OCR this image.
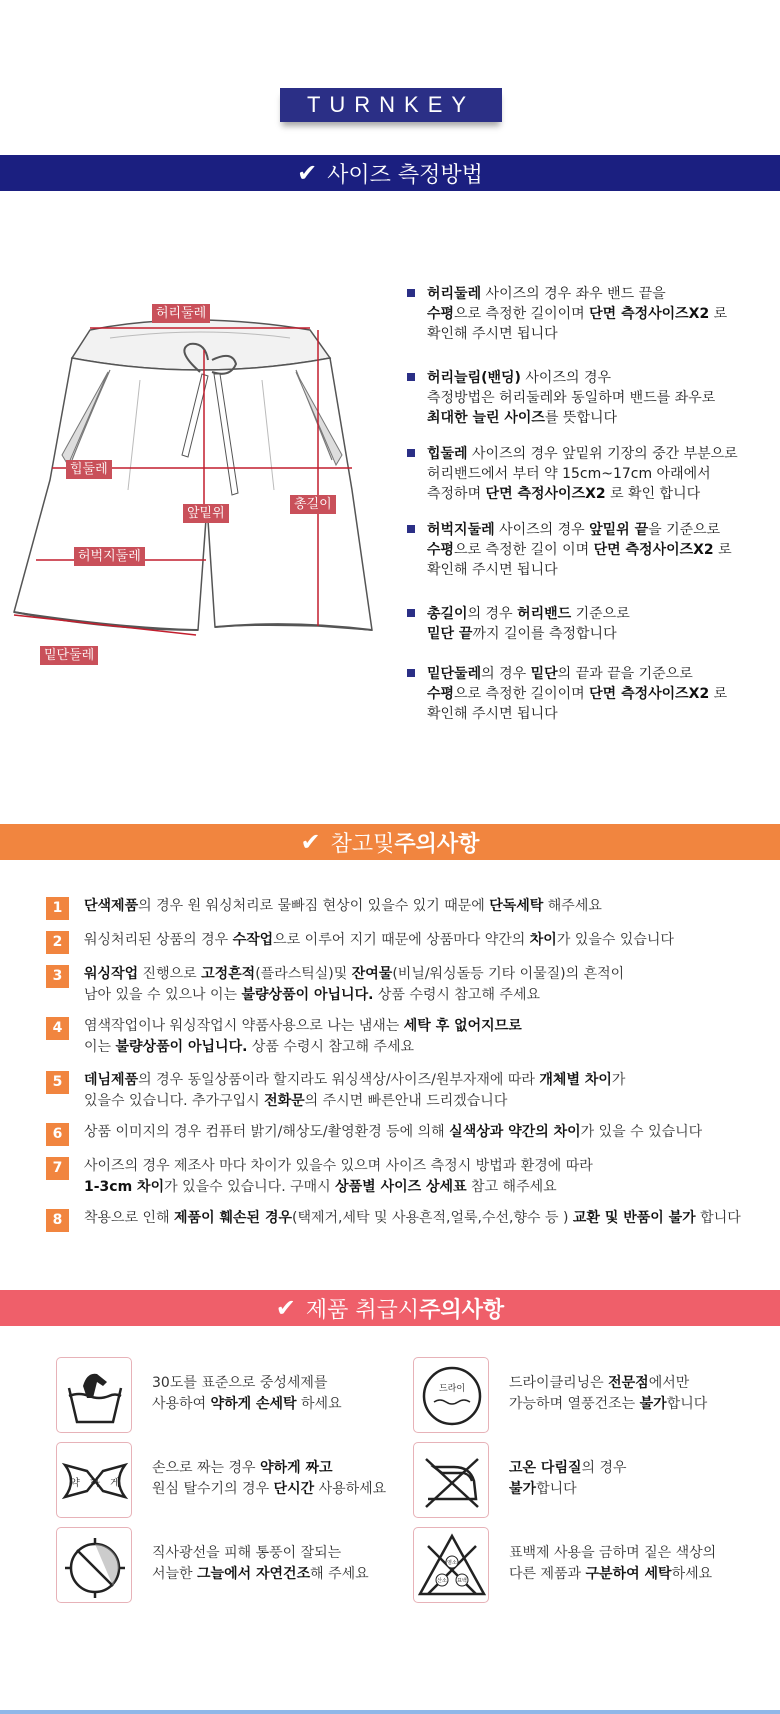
TURNKEY
✔ 사이즈 측정방법
허리둘레
힙둘레
앞밑위
총길이
허벅지둘레
밑단둘레
허리둘레 사이즈의 경우 좌우 밴드 끝을
수평으로 측정한 길이이며 단면 측정사이즈X2 로
확인해 주시면 됩니다
허리늘림(밴딩) 사이즈의 경우
측정방법은 허리둘레와 동일하며 밴드를 좌우로
최대한 늘린 사이즈를 뜻합니다
힙둘레 사이즈의 경우 앞밑위 기장의 중간 부분으로
허리밴드에서 부터 약 15cm~17cm 아래에서
측정하며 단면 측정사이즈X2 로 확인 합니다
허벅지둘레 사이즈의 경우 앞밑위 끝을 기준으로
수평으로 측정한 길이 이며 단면 측정사이즈X2 로
확인해 주시면 됩니다
총길이의 경우 허리밴드 기준으로
밑단 끝까지 길이를 측정합니다
밑단둘레의 경우 밑단의 끝과 끝을 기준으로
수평으로 측정한 길이이며 단면 측정사이즈X2 로
확인해 주시면 됩니다
✔ 참고및 주의사항
1	단색제품의 경우 원 워싱처리로 물빠짐 현상이 있을수 있기 때문에 단독세탁 해주세요
2	워싱처리된 상품의 경우 수작업으로 이루어 지기 때문에 상품마다 약간의 차이가 있을수 있습니다
3	워싱작업 진행으로 고정흔적(플라스틱실)및 잔여물(비닐/워싱돌등 기타 이물질)의 흔적이
남아 있을 수 있으나 이는 불량상품이 아닙니다. 상품 수령시 참고해 주세요
4	염색작업이나 워싱작업시 약품사용으로 나는 냄새는 세탁 후 없어지므로
이는 불량상품이 아닙니다. 상품 수령시 참고해 주세요
5	데님제품의 경우 동일상품이라 할지라도 워싱색상/사이즈/원부자재에 따라 개체별 차이가
있을수 있습니다. 추가구입시 전화문의 주시면 빠른안내 드리겠습니다
6	상품 이미지의 경우 컴퓨터 밝기/해상도/촬영환경 등에 의해 실색상과 약간의 차이가 있을 수 있습니다
7	사이즈의 경우 제조사 마다 차이가 있을수 있으며 사이즈 측정시 방법과 환경에 따라
1-3cm 차이가 있을수 있습니다. 구매시 상품별 사이즈 상세표 참고 해주세요
8	착용으로 인해 제품이 훼손된 경우(택제거,세탁 및 사용흔적,얼룩,수선,향수 등 ) 교환 및 반품이 불가 합니다
✔ 제품 취급시 주의사항
30도를 표준으로 중성세제를
사용하여 약하게 손세탁 하세요
드라이	드라이클리닝은 전문점에서만
가능하며 열풍건조는 불가합니다
약 하 게
손으로 짜는 경우 약하게 짜고
원심 탈수기의 경우 단시간 사용하세요
고온 다림질의 경우
불가합니다
직사광선을 피해 통풍이 잘되는
서늘한 그늘에서 자연건조해 주세요
염소
산소 표백
표백제 사용을 금하며 짙은 색상의
다른 제품과 구분하여 세탁하세요
